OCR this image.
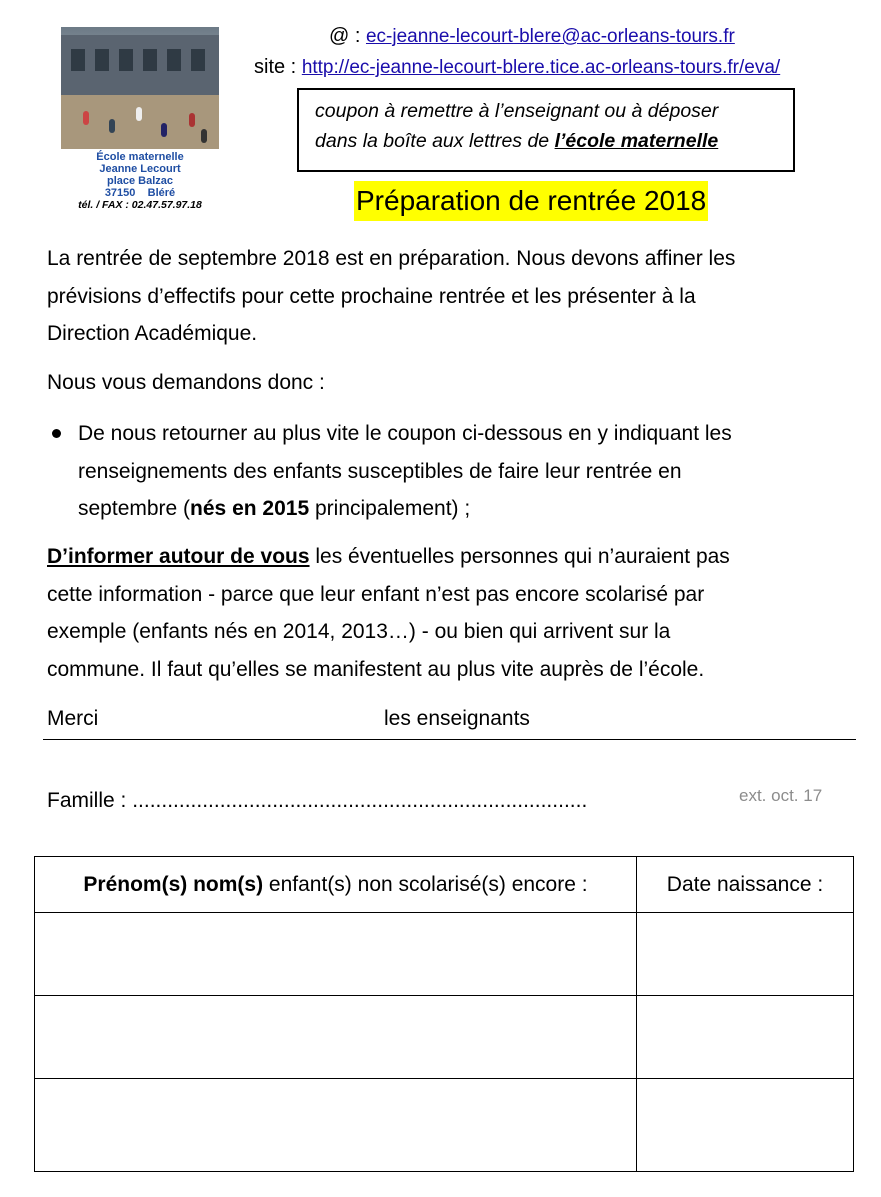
École maternelle
Jeanne Lecourt
place Balzac
37150 Bléré
tél. / FAX : 02.47.57.97.18
@ : ec-jeanne-lecourt-blere@ac-orleans-tours.fr
site : http://ec-jeanne-lecourt-blere.tice.ac-orleans-tours.fr/eva/
coupon à remettre à l’enseignant ou à déposer
dans la boîte aux lettres de l’école maternelle
Préparation de rentrée 2018
La rentrée de septembre 2018 est en préparation. Nous devons affiner les
prévisions d’effectifs pour cette prochaine rentrée et les présenter à la
Direction Académique.
Nous vous demandons donc :
De nous retourner au plus vite le coupon ci-dessous en y indiquant les
renseignements des enfants susceptibles de faire leur rentrée en
septembre (nés en 2015 principalement) ;
D’informer autour de vous les éventuelles personnes qui n’auraient pas
cette information - parce que leur enfant n’est pas encore scolarisé par
exemple (enfants nés en 2014, 2013…) - ou bien qui arrivent sur la
commune. Il faut qu’elles se manifestent au plus vite auprès de l’école.
Merci	les enseignants
Famille : ..............................................................................	ext. oct. 17
Prénom(s) nom(s) enfant(s) non scolarisé(s) encore :	Date naissance :
